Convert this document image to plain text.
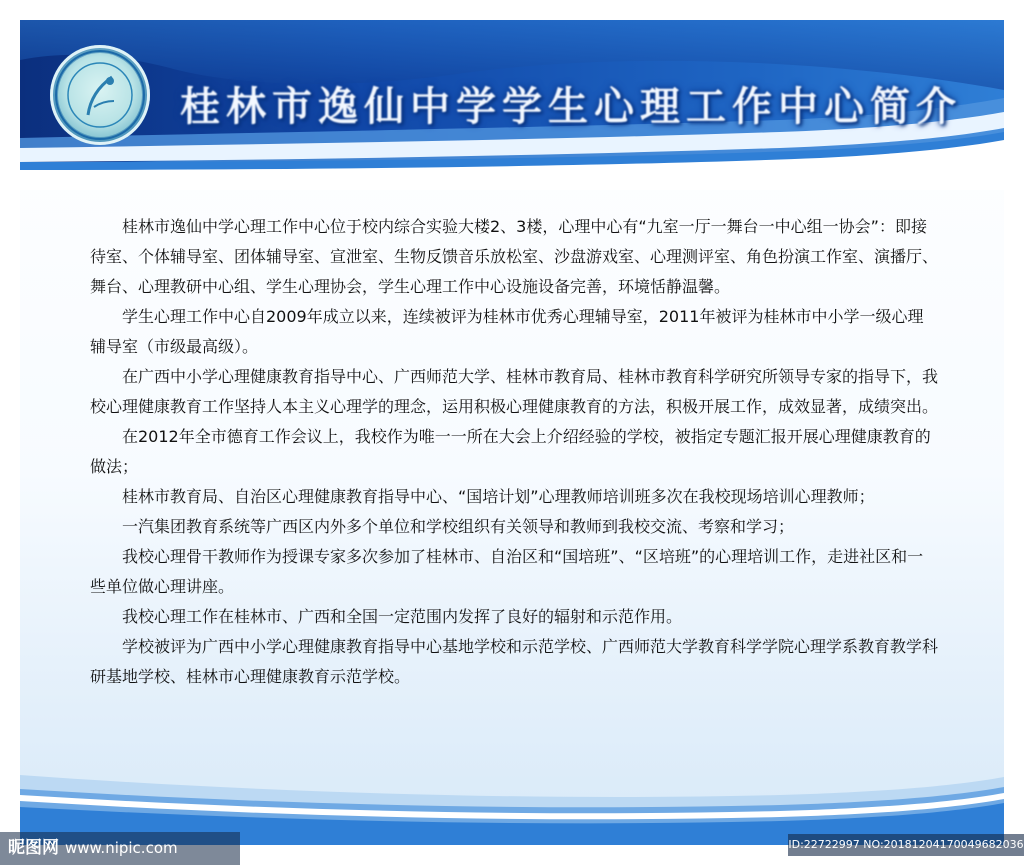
桂林市逸仙中学学生心理工作中心简介

桂林市逸仙中学心理工作中心位于校内综合实验大楼2、3楼，心理中心有“九室一厅一舞台一中心组一协会”：即接待室、个体辅导室、团体辅导室、宣泄室、生物反馈音乐放松室、沙盘游戏室、心理测评室、角色扮演工作室、演播厅、舞台、心理教研中心组、学生心理协会，学生心理工作中心设施设备完善，环境恬静温馨。

学生心理工作中心自2009年成立以来，连续被评为桂林市优秀心理辅导室，2011年被评为桂林市中小学一级心理辅导室（市级最高级）。

在广西中小学心理健康教育指导中心、广西师范大学、桂林市教育局、桂林市教育科学研究所领导专家的指导下，我校心理健康教育工作坚持人本主义心理学的理念，运用积极心理健康教育的方法，积极开展工作，成效显著，成绩突出。

在2012年全市德育工作会议上，我校作为唯一一所在大会上介绍经验的学校，被指定专题汇报开展心理健康教育的做法；

桂林市教育局、自治区心理健康教育指导中心、“国培计划”心理教师培训班多次在我校现场培训心理教师；

一汽集团教育系统等广西区内外多个单位和学校组织有关领导和教师到我校交流、考察和学习；

我校心理骨干教师作为授课专家多次参加了桂林市、自治区和“国培班”、“区培班”的心理培训工作，走进社区和一些单位做心理讲座。

我校心理工作在桂林市、广西和全国一定范围内发挥了良好的辐射和示范作用。

学校被评为广西中小学心理健康教育指导中心基地学校和示范学校、广西师范大学教育科学学院心理学系教育教学科研基地学校、桂林市心理健康教育示范学校。

昵图网 www.nipic.com	ID:22722997 NO:20181204170049682036
